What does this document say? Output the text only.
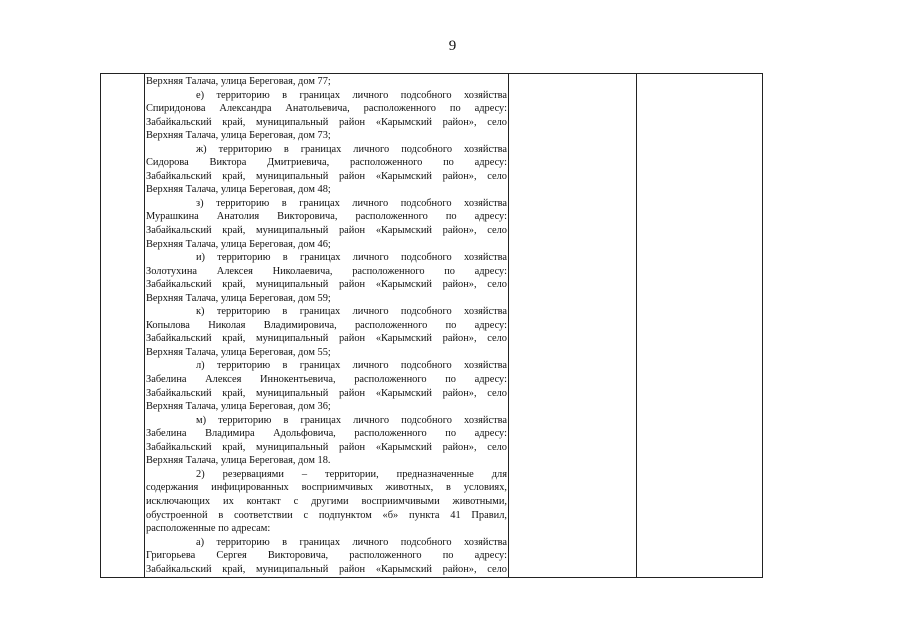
9
Верхняя Талача, улица Береговая, дом 77;
е) территорию в границах личного подсобного хозяйства
Спиридонова Александра Анатольевича, расположенного по адресу:
Забайкальский край, муниципальный район «Карымский район», село
Верхняя Талача, улица Береговая, дом 73;
ж) территорию в границах личного подсобного хозяйства
Сидорова Виктора Дмитриевича, расположенного по адресу:
Забайкальский край, муниципальный район «Карымский район», село
Верхняя Талача, улица Береговая, дом 48;
з) территорию в границах личного подсобного хозяйства
Мурашкина Анатолия Викторовича, расположенного по адресу:
Забайкальский край, муниципальный район «Карымский район», село
Верхняя Талача, улица Береговая, дом 46;
и) территорию в границах личного подсобного хозяйства
Золотухина Алексея Николаевича, расположенного по адресу:
Забайкальский край, муниципальный район «Карымский район», село
Верхняя Талача, улица Береговая, дом 59;
к) территорию в границах личного подсобного хозяйства
Копылова Николая Владимировича, расположенного по адресу:
Забайкальский край, муниципальный район «Карымский район», село
Верхняя Талача, улица Береговая, дом 55;
л) территорию в границах личного подсобного хозяйства
Забелина Алексея Иннокентьевича, расположенного по адресу:
Забайкальский край, муниципальный район «Карымский район», село
Верхняя Талача, улица Береговая, дом 36;
м) территорию в границах личного подсобного хозяйства
Забелина Владимира Адольфовича, расположенного по адресу:
Забайкальский край, муниципальный район «Карымский район», село
Верхняя Талача, улица Береговая, дом 18.
2) резервациями – территории, предназначенные для
содержания инфицированных восприимчивых животных, в условиях,
исключающих их контакт с другими восприимчивыми животными,
обустроенной в соответствии с подпунктом «б» пункта 41 Правил,
расположенные по адресам:
а) территорию в границах личного подсобного хозяйства
Григорьева Сергея Викторовича, расположенного по адресу:
Забайкальский край, муниципальный район «Карымский район», село
